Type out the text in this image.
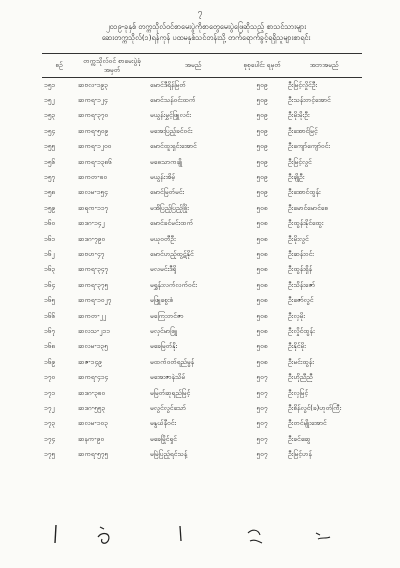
၇
၂၀၁၉-ခုနှစ် တက္ကသိုလ်ဝင်စာမေးပွဲကိုစာတွေမေးပွဲဖြေဆိုသည့် စာသင်သားများ
ဆေးတက္ကသိုလ်(၁)ရန်ကုန် ပထမနှစ်သင်တန်းသို့ တက်ရောက်ခွင့်ရရှိသူများစာရင်း
စဉ်	တက္ကသိုလ်ဝင် စာမေးပွဲခုံအမှတ်	အမည်	စုစုပေါင်း ရမှတ်	အဘအမည်
၁၅၁	ဆဗလ-၁၉၃	မောင်ဒီရိန်မြတ်	၅၀၉	ဦးမြင့်လှိုင်ဦး
၁၅၂	ဆကရ-၁၂၄	မောင်သန်ဝင်းထက်	၅၀၉	ဦးသန်းတင့်အောင်
၁၅၃	ဆကရ-၃၇၀	မယွန်းမွှင့်ဖြူလင်း	၅၀၉	ဦးမိုးမိုးဦး
၁၅၄	ဆကရ-၅၀၉	မအေးပြည့်ခင်ဝင်း	၅၀၉	ဦးအောင်မြင့်
၁၅၅	ဆကရ-၁၂၀၀	မောင်ထူးရှင်းအောင်	၅၀၉	ဦးကျော်ကျော်ဝင်း
၁၅၆	ဆကရ-၁၃၈၆	မဓေသာကချို	၅၀၉	ဦးမြင့်လွင်
၁၅၇	ဆကတ-၈၀	မယွန်းအိမ့်	၅၀၉	ဦးချိုဦး
၁၅၈	ဆလမ-၁၅၄	မောင်မြတ်မင်း	၅၀၉	ဦးအောင်ထွန်း
၁၅၉	ဆရက-၁၁၇	မအိပြည့်ပြည့်ဖြိုး	၅၀၈	ဦးမောင်မောင်စေ
၁၆၀	ဆဒဂ-၁၄၂	မောင်ခင်မင်းထက်	၅၀၈	ဦးထွန်းနိုင်ထွေး
၁၆၁	ဆဒဂ-၇၉၀	မယုဝတီဦး	၅၀၈	ဦးမိုးလွင်
၁၆၂	ဆဗဟ-၄၇	မောင်ဟည့်ထွဋ်နိုင်	၅၀၈	ဦးဆန်းဝင်း
၁၆၃	ဆကရ-၃၄၇	မလမင်းဒီရို	၅၀၈	ဦးထွန်းရှိန်
၁၆၄	ဆကရ-၃၇၅	မရွှန်းလက်လက်ဝင်း	၅၀၈	ဦးသိန်းဇော်
၁၆၅	ဆကရ-၁၀၂၇	မဖြူစွေးစံ	၅၀၈	ဦးဇော်လွင်
၁၆၆	ဆကတ-၂၂	မကြေးတင်ဇာ	၅၀၈	ဦးလှမိုး
၁၆၇	ဆလသ-၂၁၁	မလှင်မာဖြူ	၅၀၈	ဦးလှိုင်ထွန်း
၁၆၈	ဆလမ-၁၃၅	မခေမြတ်နိုး	၅၀၈	ဦးနိုင်မိုး
၁၆၉	ဆဇ-၁၄၉	မထက်ဝတ်ရည်မွန်	၅၀၈	ဦးမင်းထွန်း
၁၇၀	ဆကရ-၄၁၄	မအေးဇာနဲသိမ်	၅၀၇	ဦးဟိုညီညီ
၁၇၁	ဆဒဂ-၃၈၀	မမြတ်ဆုရည်မြင့်	၅၀၇	ဦးလှမြင့်
၁၇၂	ဆဒဂ-၅၅၃	မလွင်လွင်သော်	၅၀၇	ဦးစိန်လွင်(ခ)ဟုတ်ကြီး
၁၇၃	ဆလမ-၁၀၃	မနွယ်နီဝင်း	၅၀၇	ဦးတင်မျိုးအောင်
၁၇၄	ဆနက-၉၀	မခေမြိုင်ရှင်	၅၀၇	ဦးခင်ဆွေ
၁၇၅	ဆကရ-၅၇၅	မမြဲပြည့်ရင်သန့်	၅၀၇	ဦးမြင့်ဟန်
